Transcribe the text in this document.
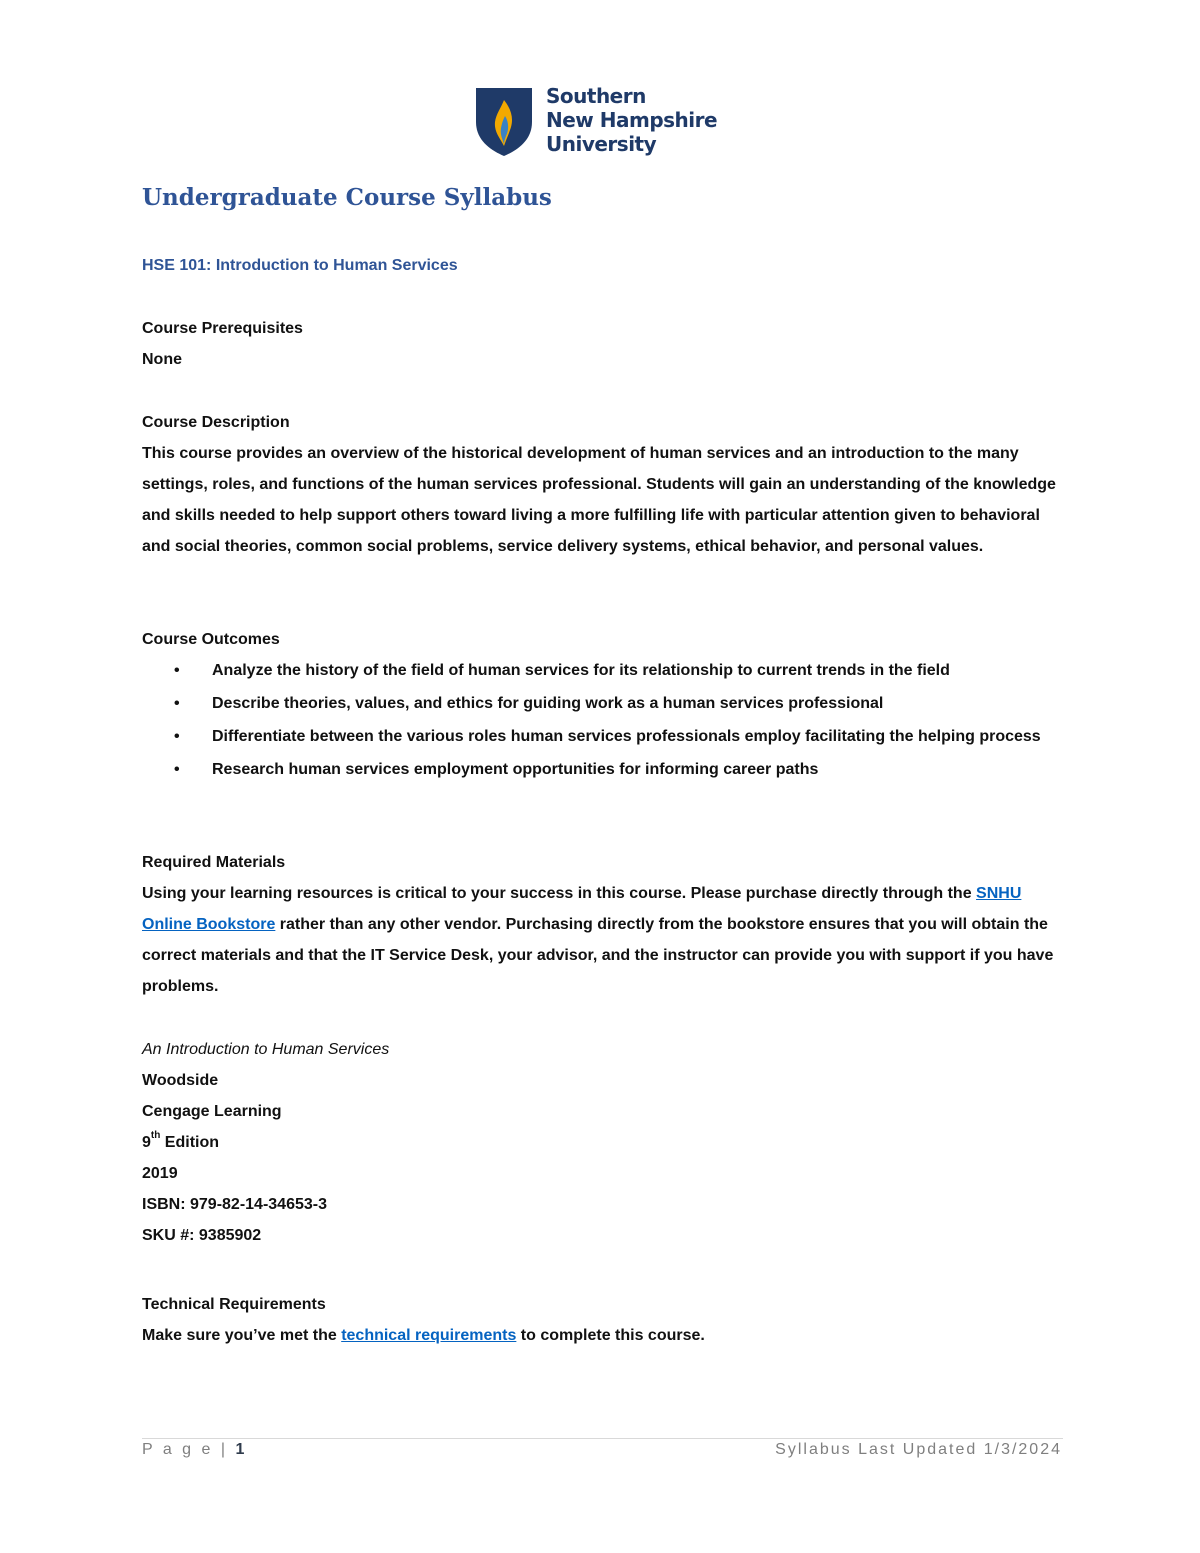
Southern
New Hampshire
University
Undergraduate Course Syllabus
HSE 101: Introduction to Human Services

Course Prerequisites

None

Course Description

This course provides an overview of the historical development of human services and an introduction to the many settings, roles, and functions of the human services professional. Students will gain an understanding of the knowledge and skills needed to help support others toward living a more fulfilling life with particular attention given to behavioral and social theories, common social problems, service delivery systems, ethical behavior, and personal values.

Course Outcomes

• Analyze the history of the field of human services for its relationship to current trends in the field
• Describe theories, values, and ethics for guiding work as a human services professional
• Differentiate between the various roles human services professionals employ facilitating the helping process
• Research human services employment opportunities for informing career paths

Required Materials

Using your learning resources is critical to your success in this course. Please purchase directly through the SNHU Online Bookstore rather than any other vendor. Purchasing directly from the bookstore ensures that you will obtain the correct materials and that the IT Service Desk, your advisor, and the instructor can provide you with support if you have problems.

An Introduction to Human Services

Woodside

Cengage Learning

9th Edition

2019

ISBN: 979-82-14-34653-3

SKU #: 9385902

Technical Requirements

Make sure you’ve met the technical requirements to complete this course.

P a g e | 1	Syllabus Last Updated 1/3/2024
